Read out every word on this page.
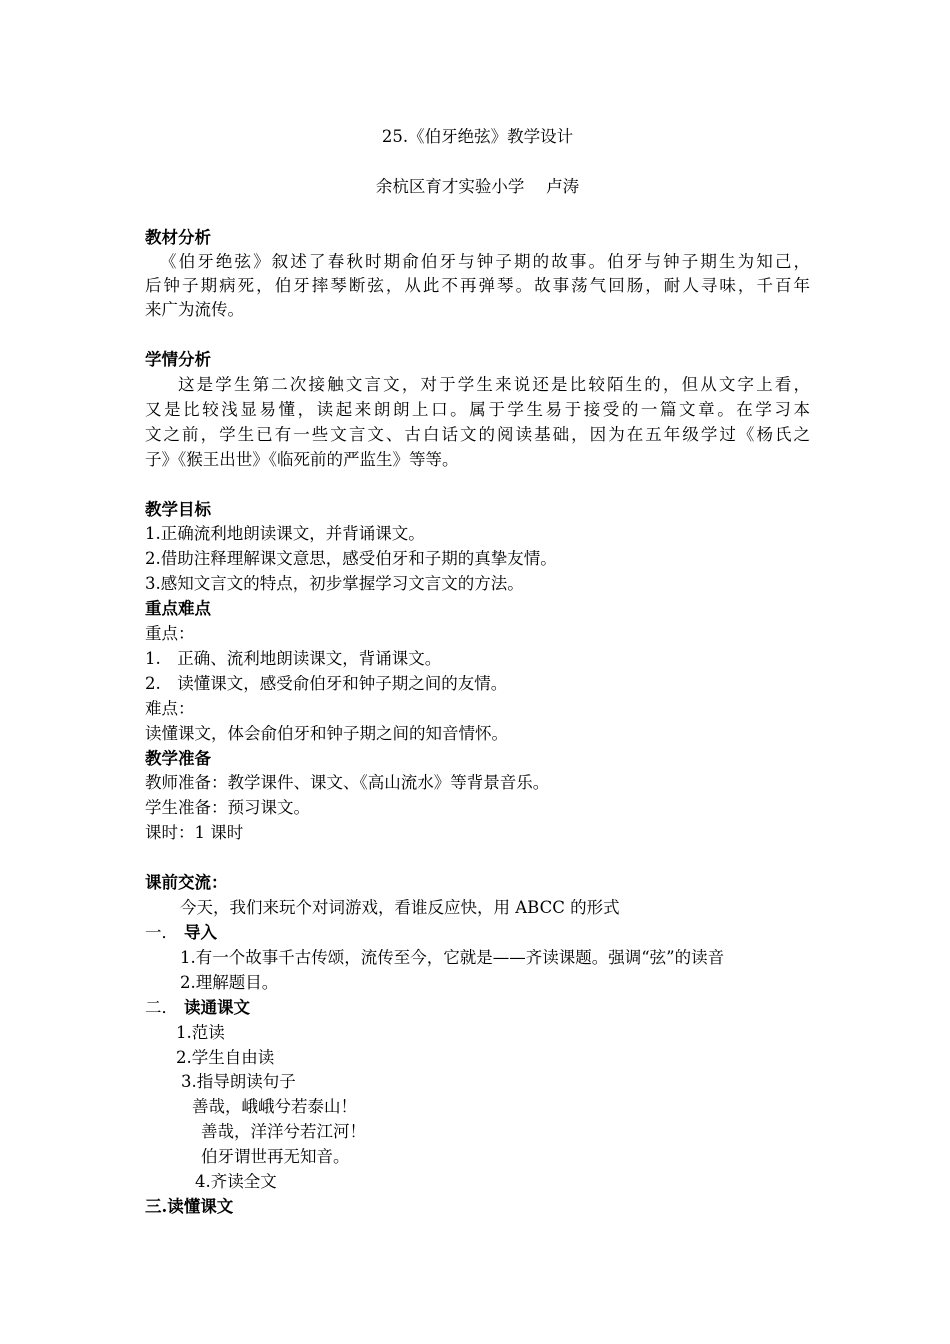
25.《伯牙绝弦》教学设计
余杭区育才实验小学　 卢涛
教材分析
《伯牙绝弦》叙述了春秋时期俞伯牙与钟子期的故事。伯牙与钟子期生为知己，
后钟子期病死，伯牙摔琴断弦，从此不再弹琴。故事荡气回肠，耐人寻味，千百年
来广为流传。
学情分析
这是学生第二次接触文言文，对于学生来说还是比较陌生的，但从文字上看，
又是比较浅显易懂，读起来朗朗上口。属于学生易于接受的一篇文章。在学习本
文之前，学生已有一些文言文、古白话文的阅读基础，因为在五年级学过《杨氏之
子》《猴王出世》《临死前的严监生》等等。
教学目标
1.正确流利地朗读课文，并背诵课文。
2.借助注释理解课文意思，感受伯牙和子期的真挚友情。
3.感知文言文的特点，初步掌握学习文言文的方法。
重点难点
重点：
1.　正确、流利地朗读课文，背诵课文。
2.　读懂课文，感受俞伯牙和钟子期之间的友情。
难点：
读懂课文，体会俞伯牙和钟子期之间的知音情怀。
教学准备
教师准备：教学课件、课文、《高山流水》等背景音乐。
学生准备：预习课文。
课时：1 课时
课前交流：
今天，我们来玩个对词游戏，看谁反应快，用 ABCC 的形式
一． 导入
1.有一个故事千古传颂，流传至今，它就是——齐读课题。强调“弦”的读音
2.理解题目。
二． 读通课文
1.范读
2.学生自由读
3.指导朗读句子
善哉，峨峨兮若泰山！
善哉，洋洋兮若江河！
伯牙谓世再无知音。
4.齐读全文
三.读懂课文
